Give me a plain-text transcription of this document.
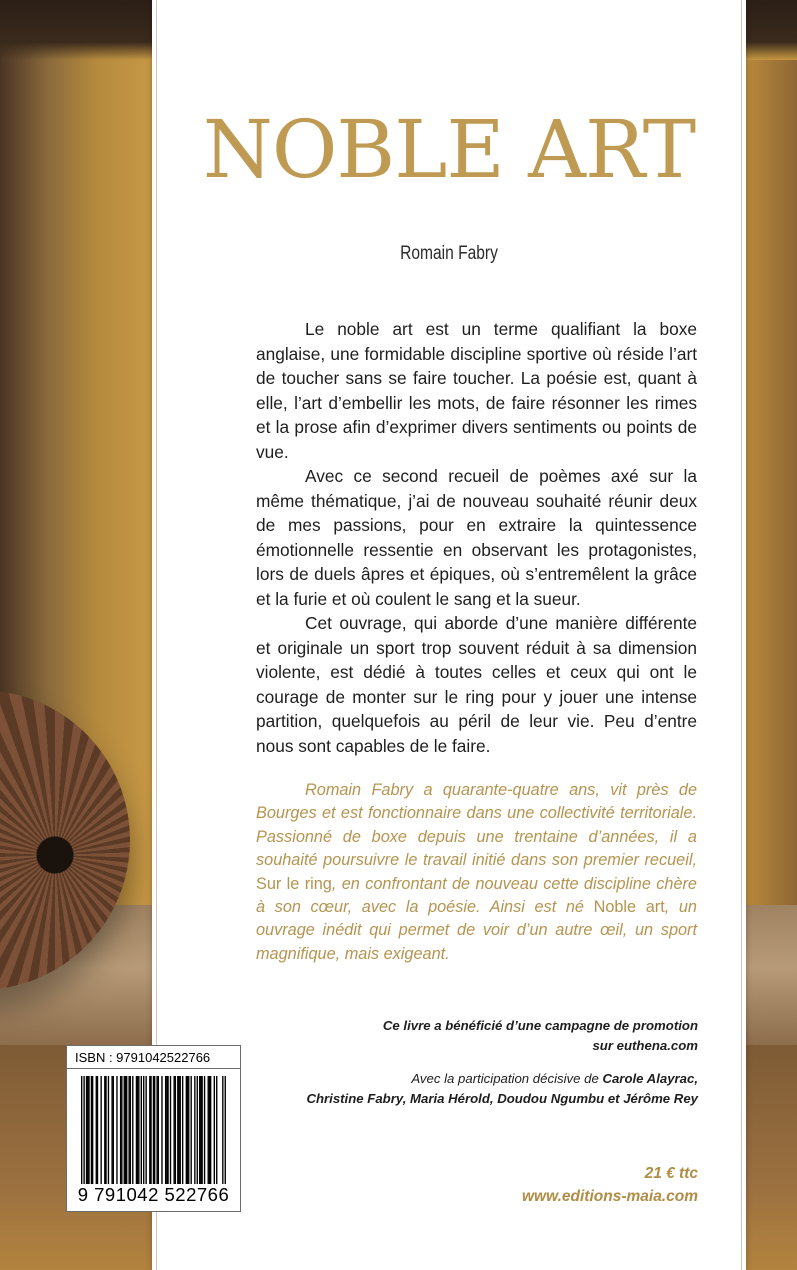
NOBLE ART
Romain Fabry

Le noble art est un terme qualifiant la boxe anglaise, une formidable discipline sportive où réside l’art de toucher sans se faire toucher. La poésie est, quant à elle, l’art d’embellir les mots, de faire résonner les rimes et la prose afin d’exprimer divers sentiments ou points de vue.

Avec ce second recueil de poèmes axé sur la même thématique, j’ai de nouveau souhaité réunir deux de mes passions, pour en extraire la quintessence émotionnelle ressentie en observant les protagonistes, lors de duels âpres et épiques, où s’entremêlent la grâce et la furie et où coulent le sang et la sueur.

Cet ouvrage, qui aborde d’une manière différente et originale un sport trop souvent réduit à sa dimension violente, est dédié à toutes celles et ceux qui ont le courage de monter sur le ring pour y jouer une intense partition, quelquefois au péril de leur vie. Peu d’entre nous sont capables de le faire.

Romain Fabry a quarante-quatre ans, vit près de Bourges et est fonctionnaire dans une collectivité territoriale. Passionné de boxe depuis une trentaine d’années, il a souhaité poursuivre le travail initié dans son premier recueil, Sur le ring, en confrontant de nouveau cette discipline chère à son cœur, avec la poésie. Ainsi est né Noble art, un ouvrage inédit qui permet de voir d’un autre œil, un sport magnifique, mais exigeant.

Ce livre a bénéficié d’une campagne de promotion
sur euthena.com
Avec la participation décisive de Carole Alayrac,
Christine Fabry, Maria Hérold, Doudou Ngumbu et Jérôme Rey
21 € ttc
www.editions-maia.com
ISBN : 9791042522766
9 791042 522766
